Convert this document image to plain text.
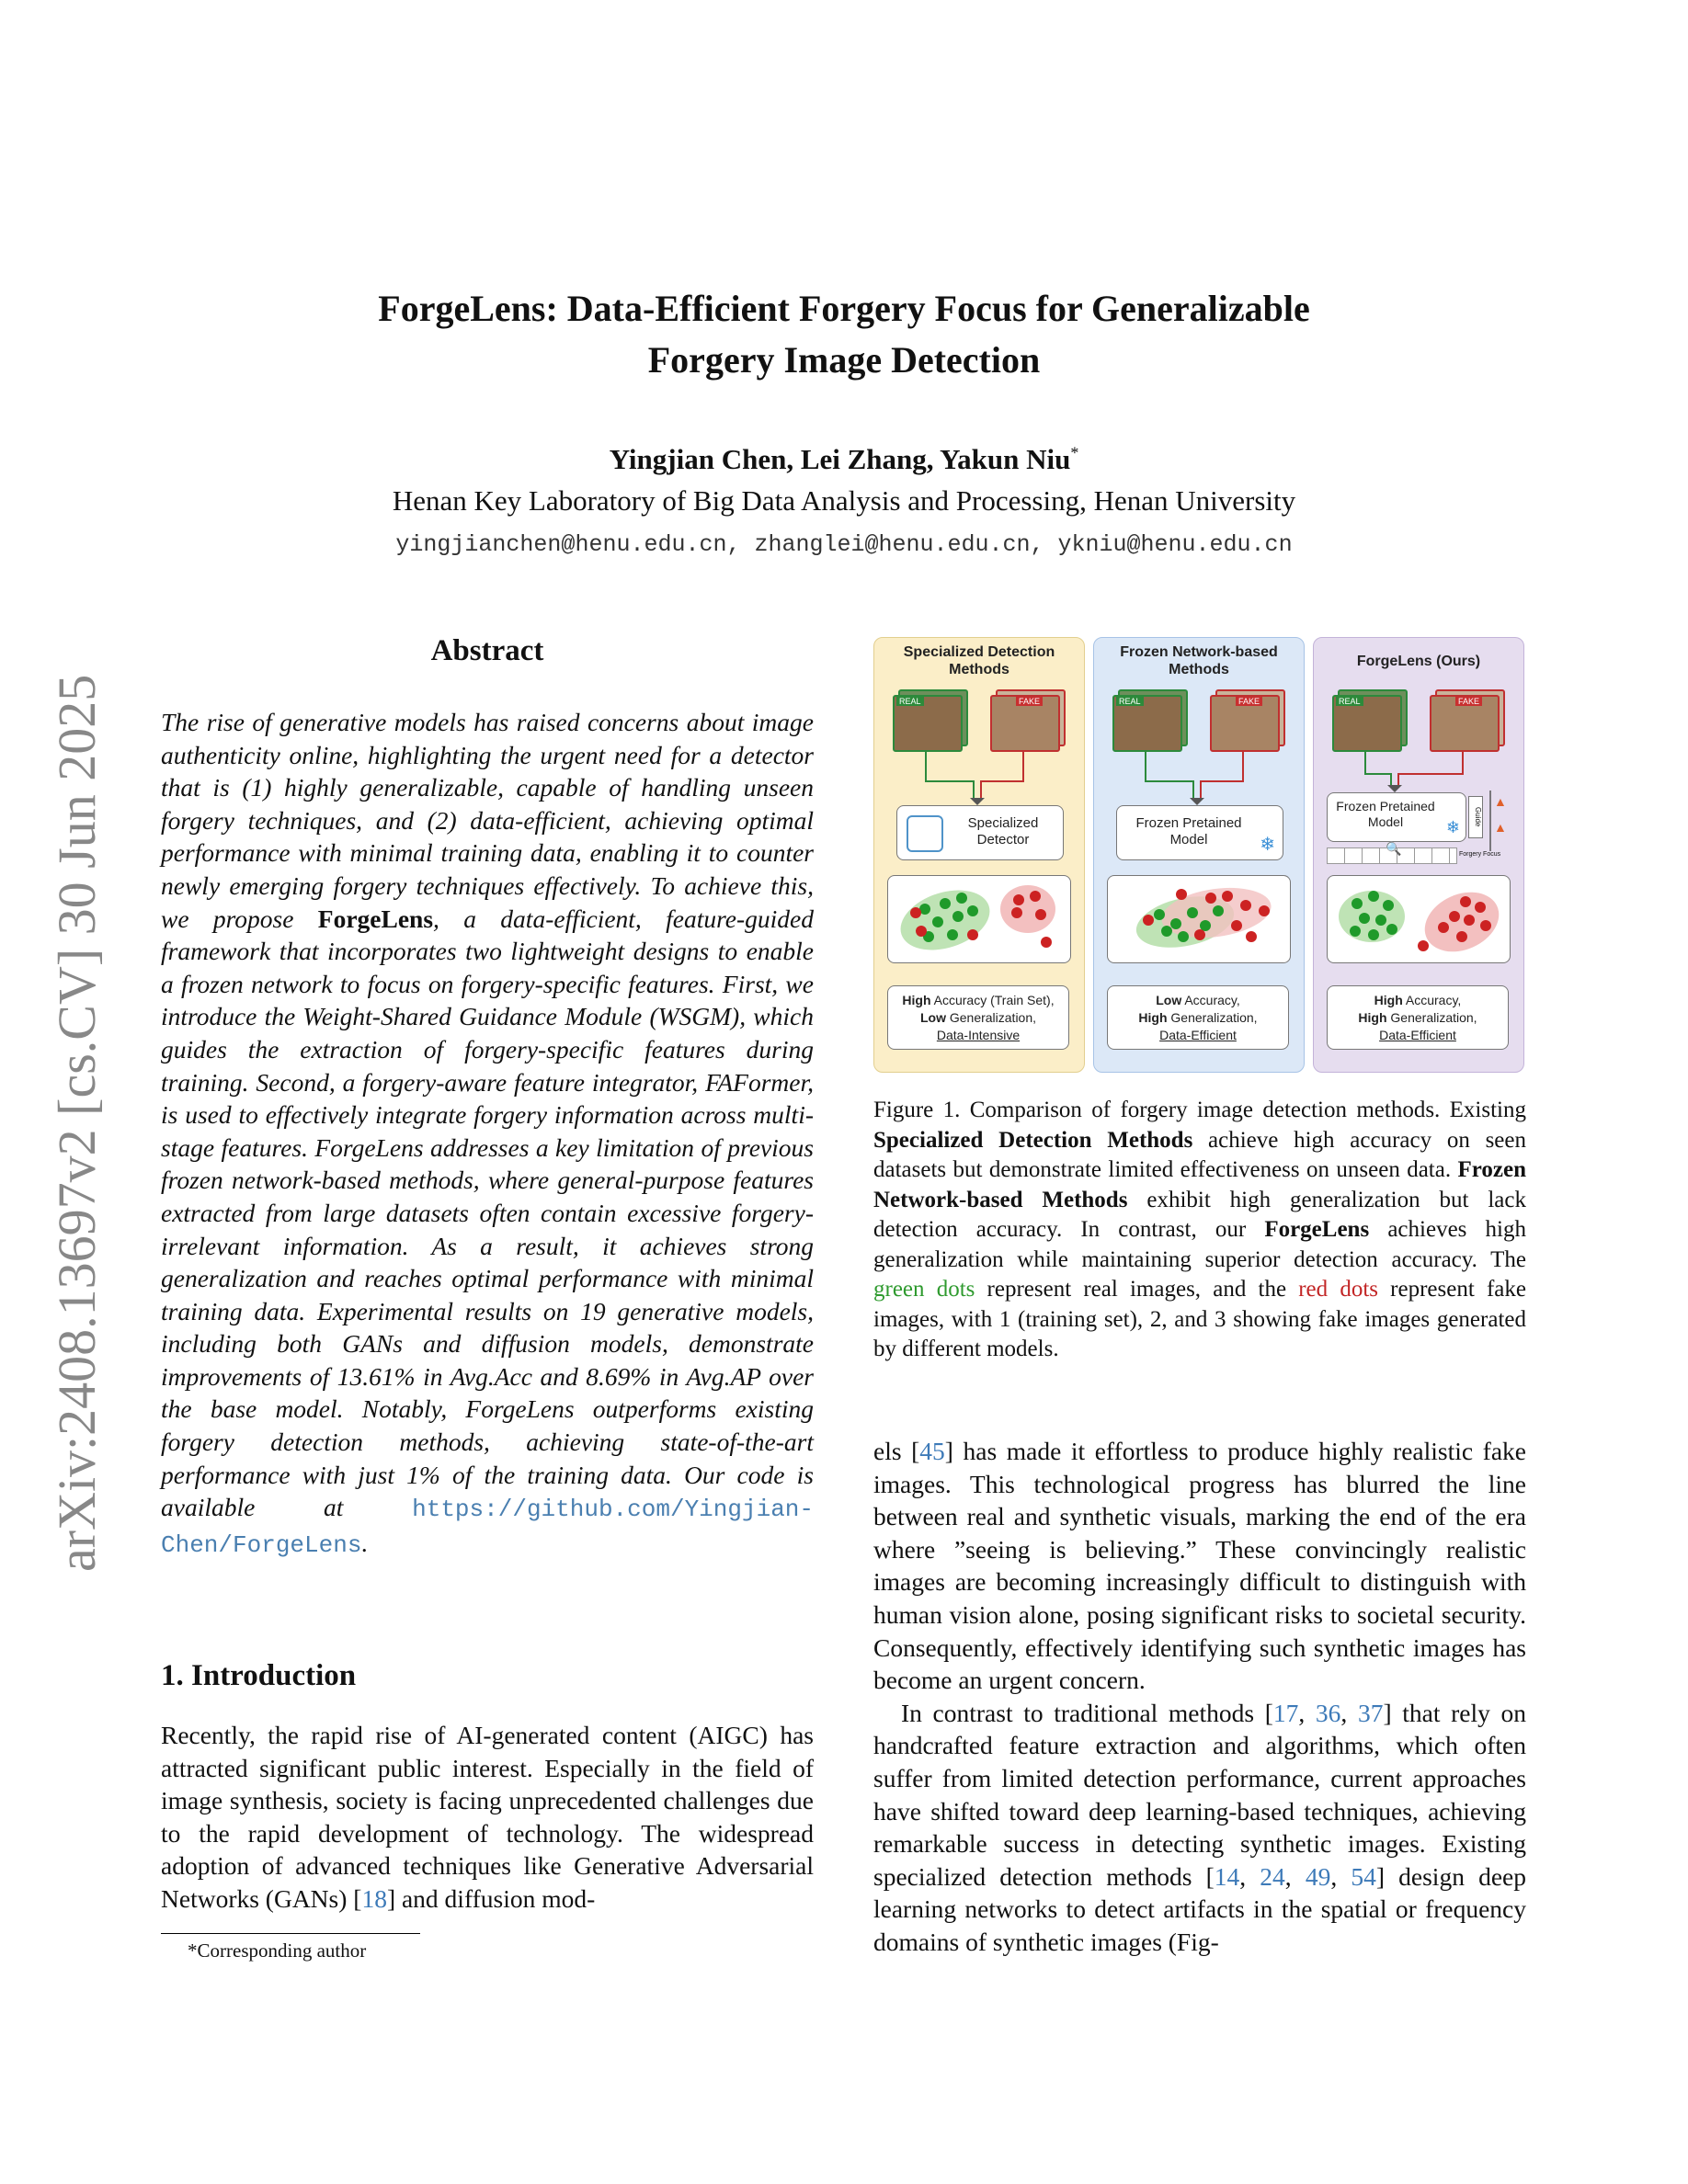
arXiv:2408.13697v2 [cs.CV] 30 Jun 2025
ForgeLens: Data-Efficient Forgery Focus for Generalizable
Forgery Image Detection
Yingjian Chen, Lei Zhang, Yakun Niu*
Henan Key Laboratory of Big Data Analysis and Processing, Henan University
yingjianchen@henu.edu.cn, zhanglei@henu.edu.cn, ykniu@henu.edu.cn
Abstract
The rise of generative models has raised concerns about image authenticity online, highlighting the urgent need for a detector that is (1) highly generalizable, capable of handling unseen forgery techniques, and (2) data-efficient, achieving optimal performance with minimal training data, enabling it to counter newly emerging forgery techniques effectively. To achieve this, we propose ForgeLens, a data-efficient, feature-guided framework that incorporates two lightweight designs to enable a frozen network to focus on forgery-specific features. First, we introduce the Weight-Shared Guidance Module (WSGM), which guides the extraction of forgery-specific features during training. Second, a forgery-aware feature integrator, FAFormer, is used to effectively integrate forgery information across multi-stage features. ForgeLens addresses a key limitation of previous frozen network-based methods, where general-purpose features extracted from large datasets often contain excessive forgery-irrelevant information. As a result, it achieves strong generalization and reaches optimal performance with minimal training data. Experimental results on 19 generative models, including both GANs and diffusion models, demonstrate improvements of 13.61% in Avg.Acc and 8.69% in Avg.AP over the base model. Notably, ForgeLens outperforms existing forgery detection methods, achieving state-of-the-art performance with just 1% of the training data. Our code is available at https://github.com/Yingjian-Chen/ForgeLens.
1. Introduction
Recently, the rapid rise of AI-generated content (AIGC) has attracted significant public interest. Especially in the field of image synthesis, society is facing unprecedented challenges due to the rapid development of technology. The widespread adoption of advanced techniques like Generative Adversarial Networks (GANs) [18] and diffusion mod-
*Corresponding author
Specialized Detection Methods
REAL	FAKE
Specialized Detector
High Accuracy (Train Set),
Low Generalization,
Data-Intensive
Frozen Network-based Methods
REAL	FAKE
Frozen Pretained Model	❄
Low Accuracy,
High Generalization,
Data-Efficient
ForgeLens (Ours)
REAL	FAKE
Frozen Pretained Model	❄
Guide
▲
▲
🔍	Forgery Focus
High Accuracy,
High Generalization,
Data-Efficient
Figure 1. Comparison of forgery image detection methods. Existing Specialized Detection Methods achieve high accuracy on seen datasets but demonstrate limited effectiveness on unseen data. Frozen Network-based Methods exhibit high generalization but lack detection accuracy. In contrast, our ForgeLens achieves high generalization while maintaining superior detection accuracy. The green dots represent real images, and the red dots represent fake images, with 1 (training set), 2, and 3 showing fake images generated by different models.

els [45] has made it effortless to produce highly realistic fake images. This technological progress has blurred the line between real and synthetic visuals, marking the end of the era where ”seeing is believing.” These convincingly realistic images are becoming increasingly difficult to distinguish with human vision alone, posing significant risks to societal security. Consequently, effectively identifying such synthetic images has become an urgent concern.

In contrast to traditional methods [17, 36, 37] that rely on handcrafted feature extraction and algorithms, which often suffer from limited detection performance, current approaches have shifted toward deep learning-based techniques, achieving remarkable success in detecting synthetic images. Existing specialized detection methods [14, 24, 49, 54] design deep learning networks to detect artifacts in the spatial or frequency domains of synthetic images (Fig-
